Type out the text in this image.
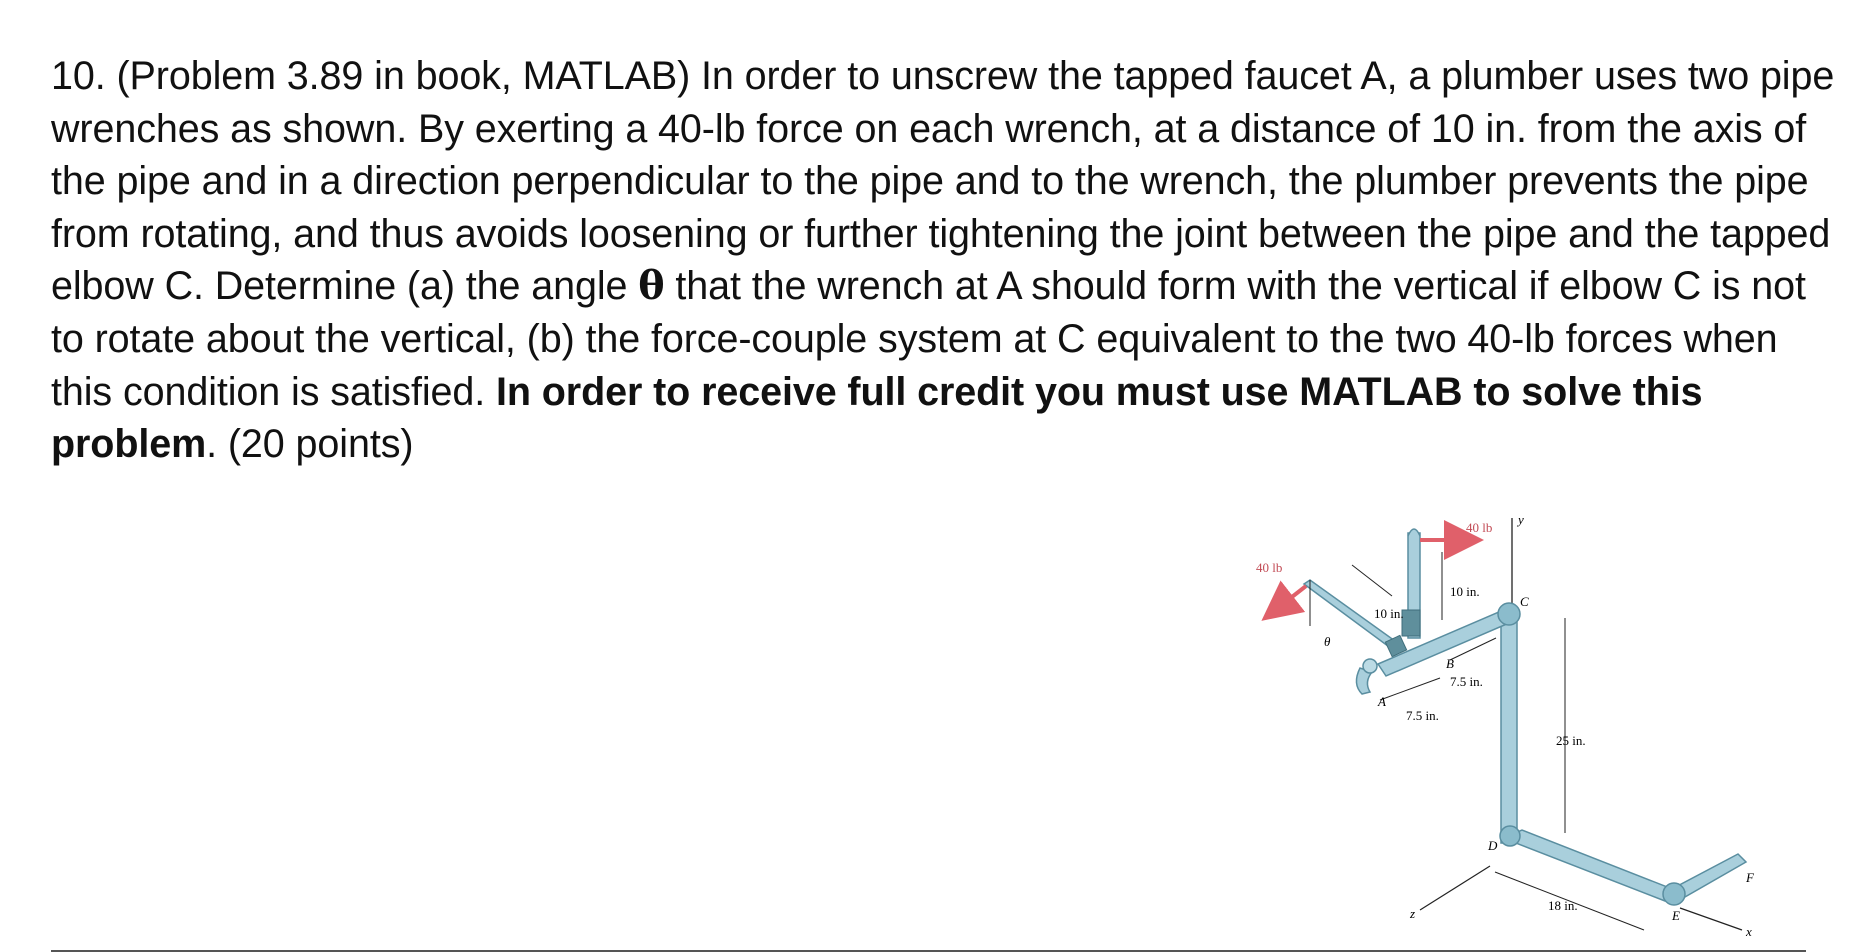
10. (Problem 3.89 in book, MATLAB) In order to unscrew the tapped faucet A, a plumber uses two pipe wrenches as shown. By exerting a 40-lb force on each wrench, at a distance of 10 in. from the axis of the pipe and in a direction perpendicular to the pipe and to the wrench, the plumber prevents the pipe from rotating, and thus avoids loosening or further tightening the joint between the pipe and the tapped elbow C. Determine (a) the angle θ that the wrench at A should form with the vertical if elbow C is not to rotate about the vertical, (b) the force-couple system at C equivalent to the two 40-lb forces when this condition is satisfied. In order to receive full credit you must use MATLAB to solve this problem. (20 points)
40 lb
40 lb
y
10 in.
10 in.
C
θ
B
7.5 in.
A
7.5 in.
25 in.
D
F
18 in.
E
z
x
